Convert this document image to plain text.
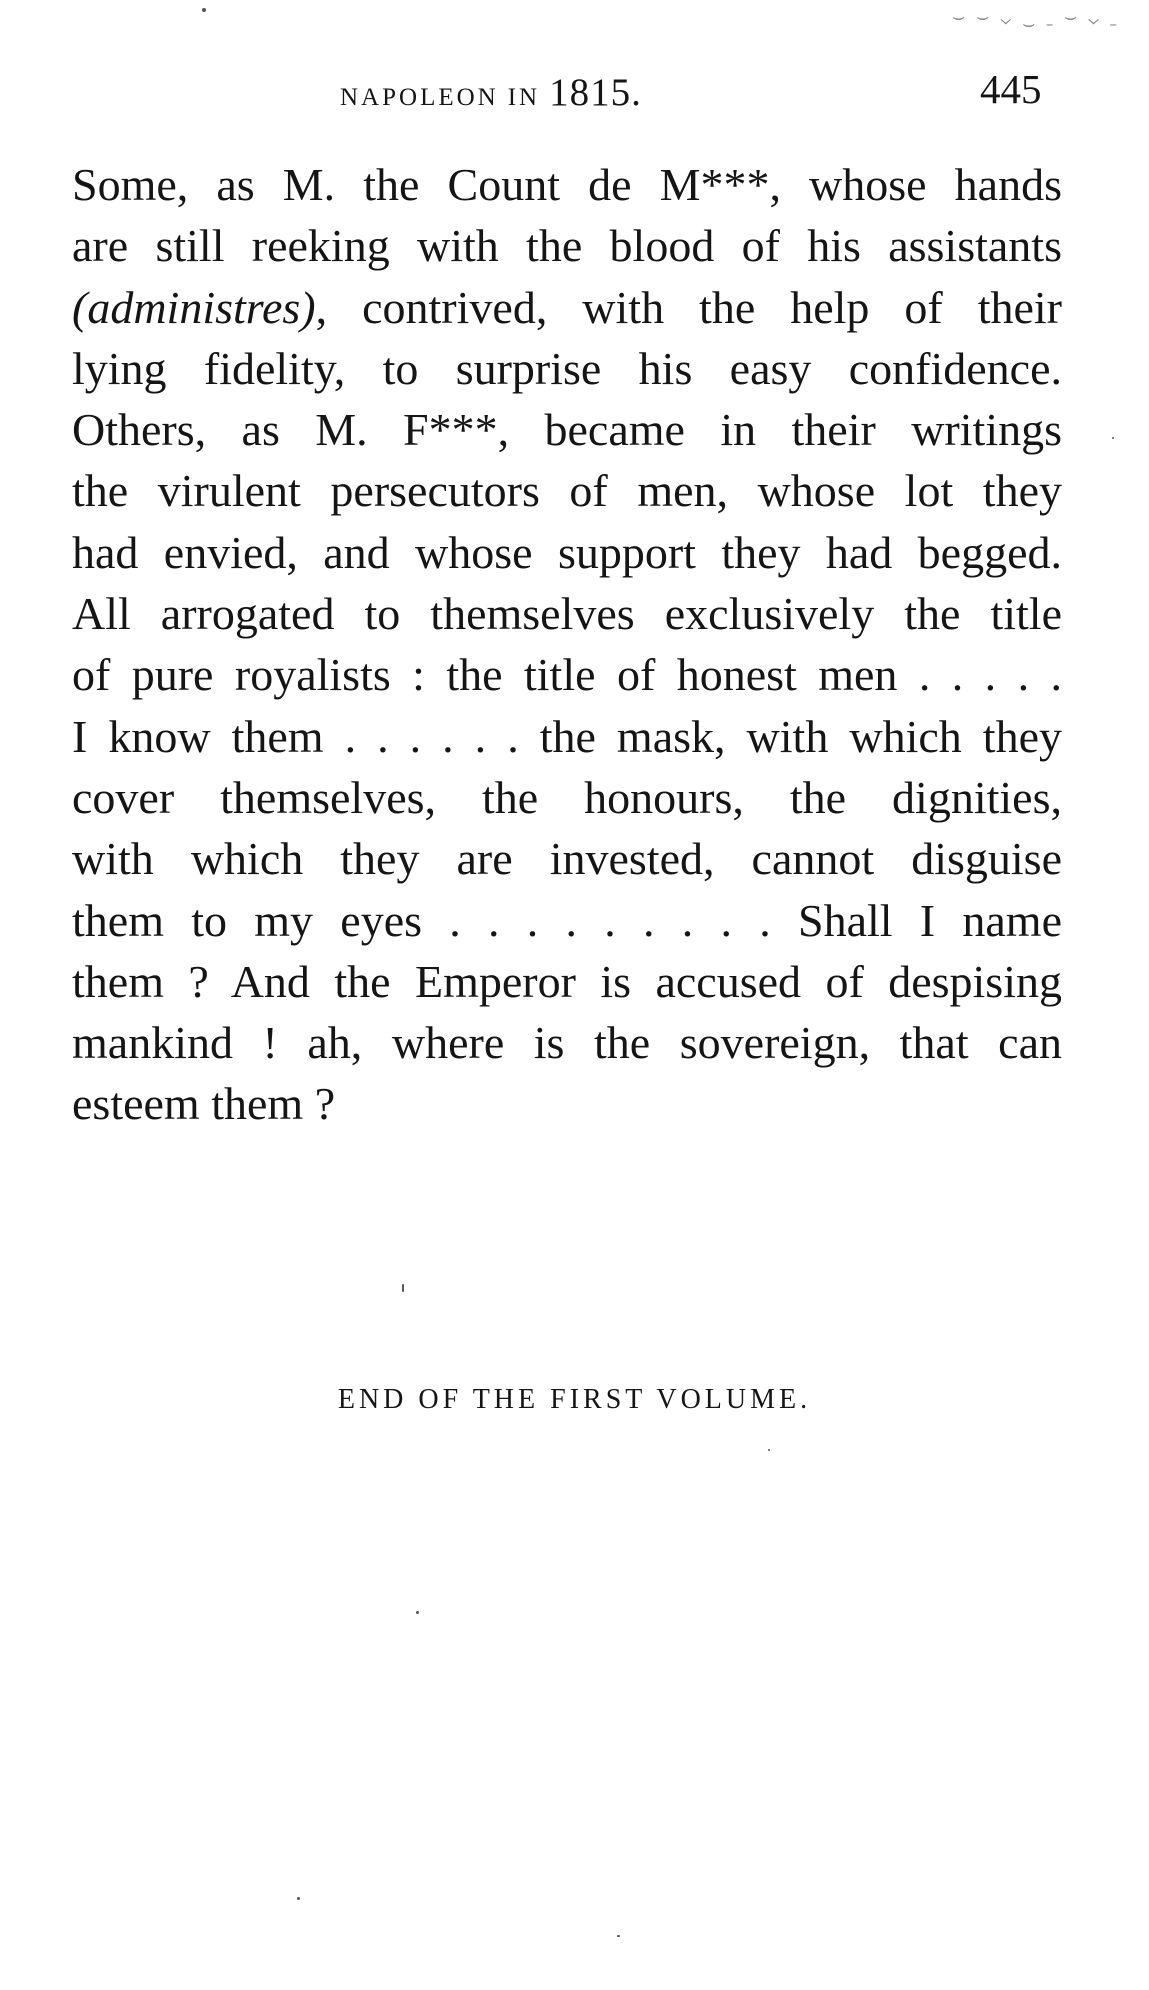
⌣ ⌣ ⌄ ‿ ˍ ⌣ ⌄ ˍ
NAPOLEON IN 1815.	445
Some, as M. the Count de M***, whose hands
are still reeking with the blood of his assistants
(administres), contrived, with the help of their
lying fidelity, to surprise his easy confidence.
Others, as M. F***, became in their writings
the virulent persecutors of men, whose lot they
had envied, and whose support they had begged.
All arrogated to themselves exclusively the title
of pure royalists : the title of honest men . . . . .
I know them . . . . . . the mask, with which they
cover themselves, the honours, the dignities,
with which they are invested, cannot disguise
them to my eyes . . . . . . . . . Shall I name
them ? And the Emperor is accused of despising
mankind ! ah, where is the sovereign, that can
esteem them ?
END OF THE FIRST VOLUME.
